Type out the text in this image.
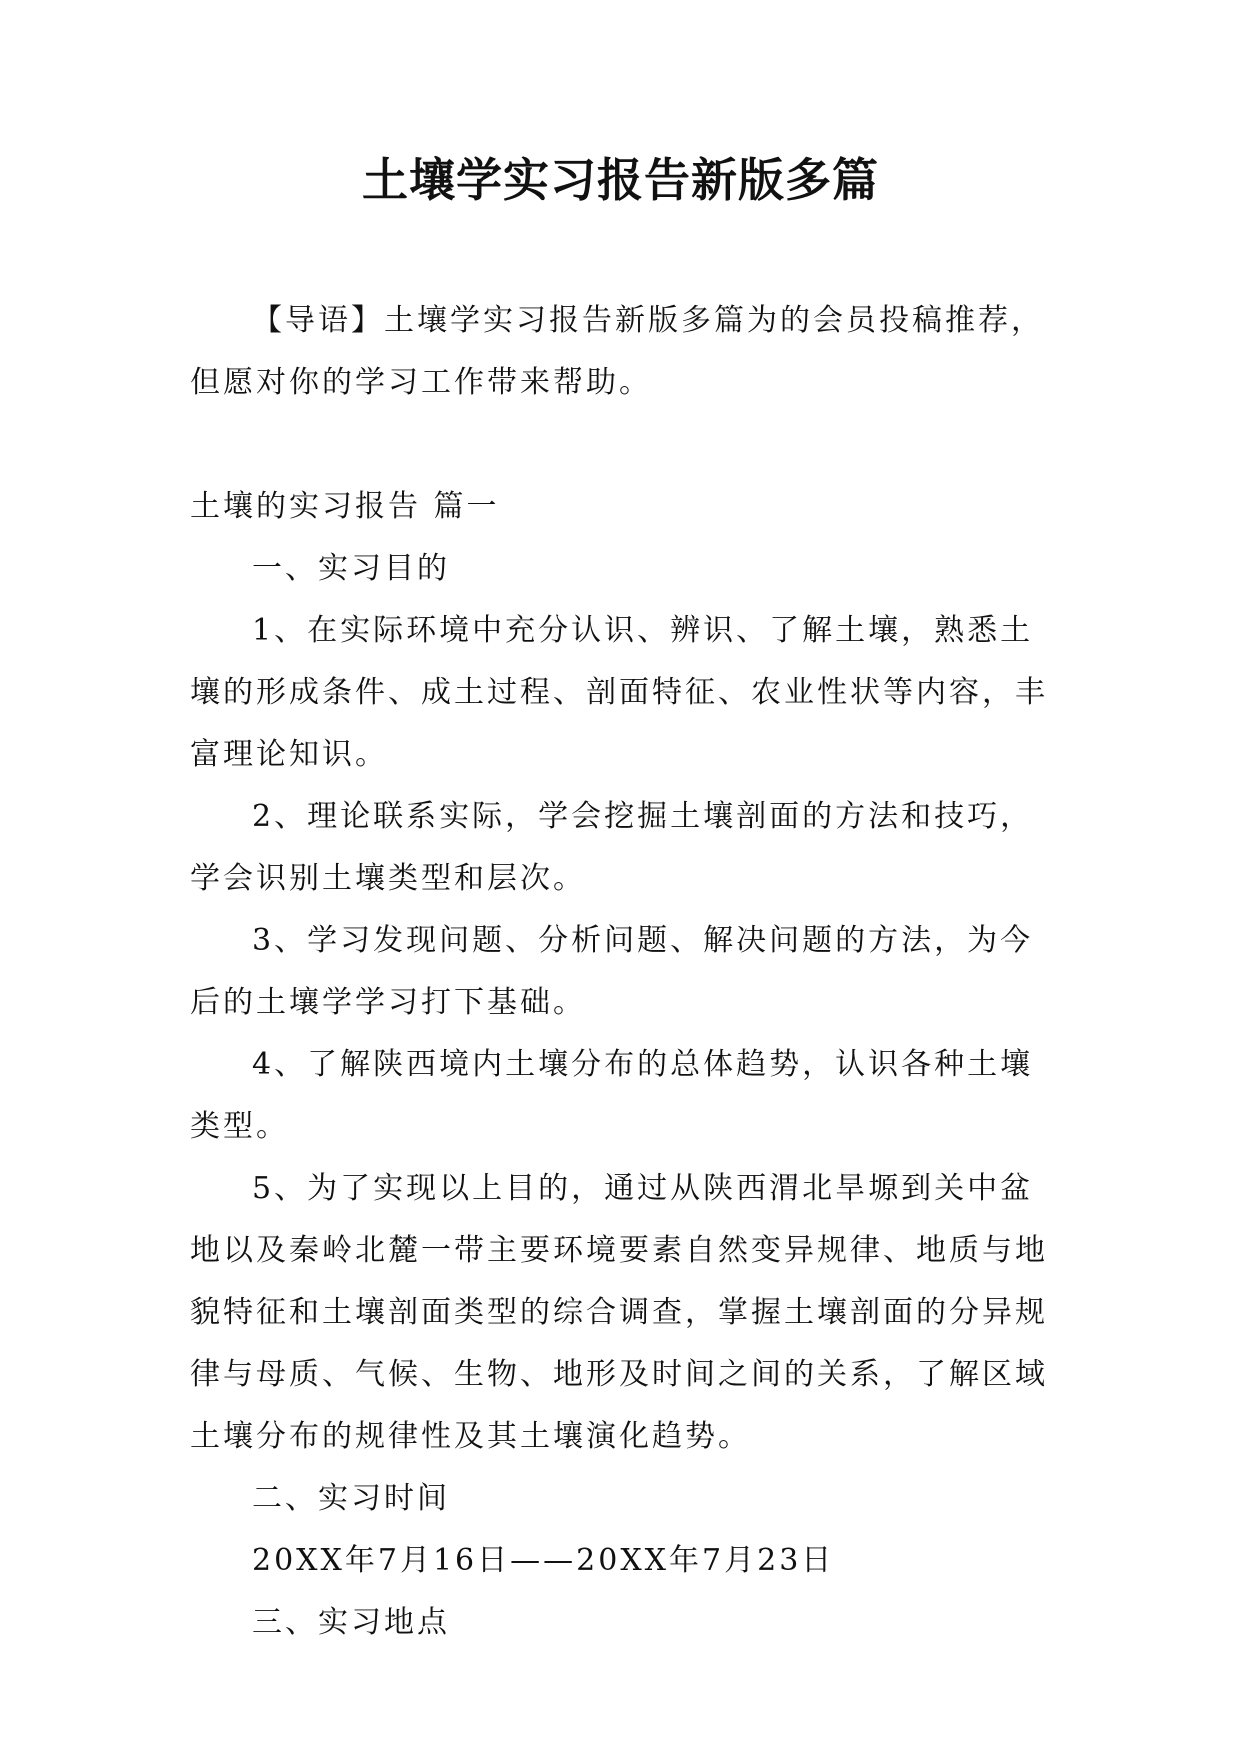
土壤学实习报告新版多篇

【导语】土壤学实习报告新版多篇为的会员投稿推荐，但愿对你的学习工作带来帮助。

土壤的实习报告 篇一

一、实习目的

1、在实际环境中充分认识、辨识、了解土壤，熟悉土壤的形成条件、成土过程、剖面特征、农业性状等内容，丰富理论知识。

2、理论联系实际，学会挖掘土壤剖面的方法和技巧，学会识别土壤类型和层次。

3、学习发现问题、分析问题、解决问题的方法，为今后的土壤学学习打下基础。

4、了解陕西境内土壤分布的总体趋势，认识各种土壤类型。

5、为了实现以上目的，通过从陕西渭北旱塬到关中盆地以及秦岭北麓一带主要环境要素自然变异规律、地质与地貌特征和土壤剖面类型的综合调查，掌握土壤剖面的分异规律与母质、气候、生物、地形及时间之间的关系，了解区域土壤分布的规律性及其土壤演化趋势。

二、实习时间

20XX年7月16日——20XX年7月23日

三、实习地点
